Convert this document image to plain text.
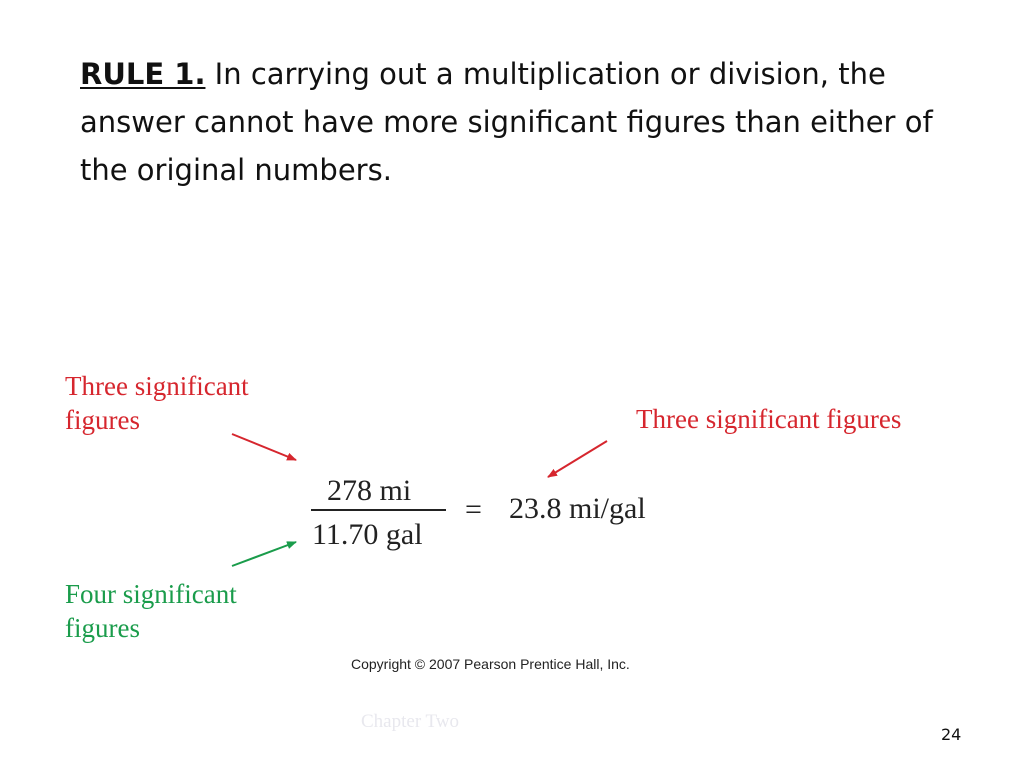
RULE 1. In carrying out a multiplication or division, the answer cannot have more significant figures than either of the original numbers.
Three significant
figures	Three significant figures
Four significant
figures
278 mi
11.70 gal
= 23.8 mi/gal
Copyright © 2007 Pearson Prentice Hall, Inc.
Chapter Two
24
